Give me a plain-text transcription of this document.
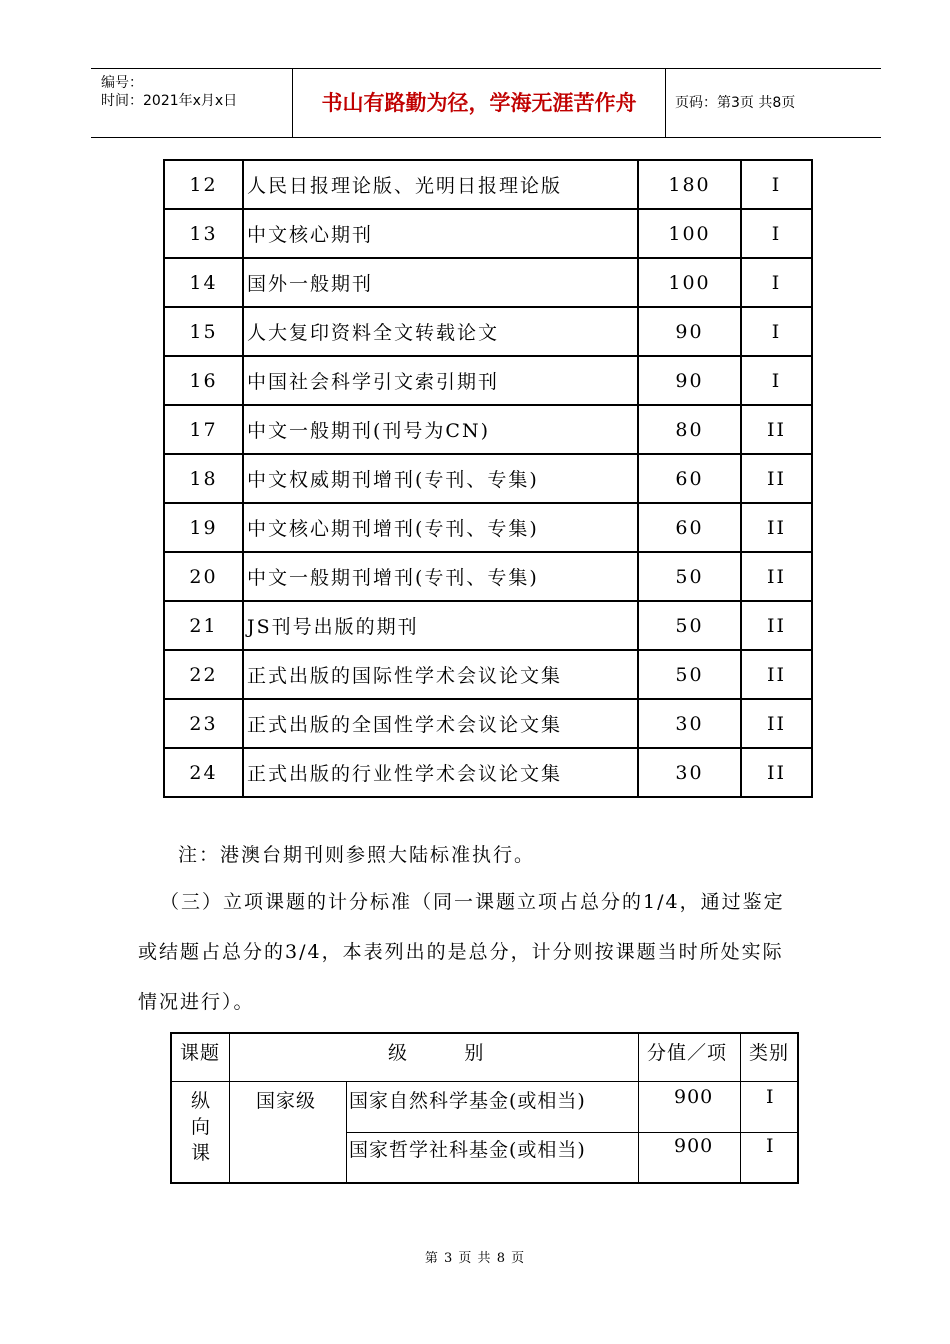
编号：
时间：2021年x月x日	书山有路勤为径，学海无涯苦作舟	页码：第3页 共8页
12	人民日报理论版、光明日报理论版	180	I
13	中文核心期刊	100	I
14	国外一般期刊	100	I
15	人大复印资料全文转载论文	90	I
16	中国社会科学引文索引期刊	90	I
17	中文一般期刊(刊号为CN)	80	II
18	中文权威期刊增刊(专刊、专集)	60	II
19	中文核心期刊增刊(专刊、专集)	60	II
20	中文一般期刊增刊(专刊、专集)	50	II
21	JS刊号出版的期刊	50	II
22	正式出版的国际性学术会议论文集	50	II
23	正式出版的全国性学术会议论文集	30	II
24	正式出版的行业性学术会议论文集	30	II
注：港澳台期刊则参照大陆标准执行。
（三）立项课题的计分标准（同一课题立项占总分的1/4，通过鉴定
或结题占总分的3/4，本表列出的是总分，计分则按课题当时所处实际
情况进行）。
课题	级        别	分值／项 类别
纵
向
课
国家级 国家自然科学基金(或相当)	900	I
国家哲学社科基金(或相当)	900	I
第 3 页 共 8 页
